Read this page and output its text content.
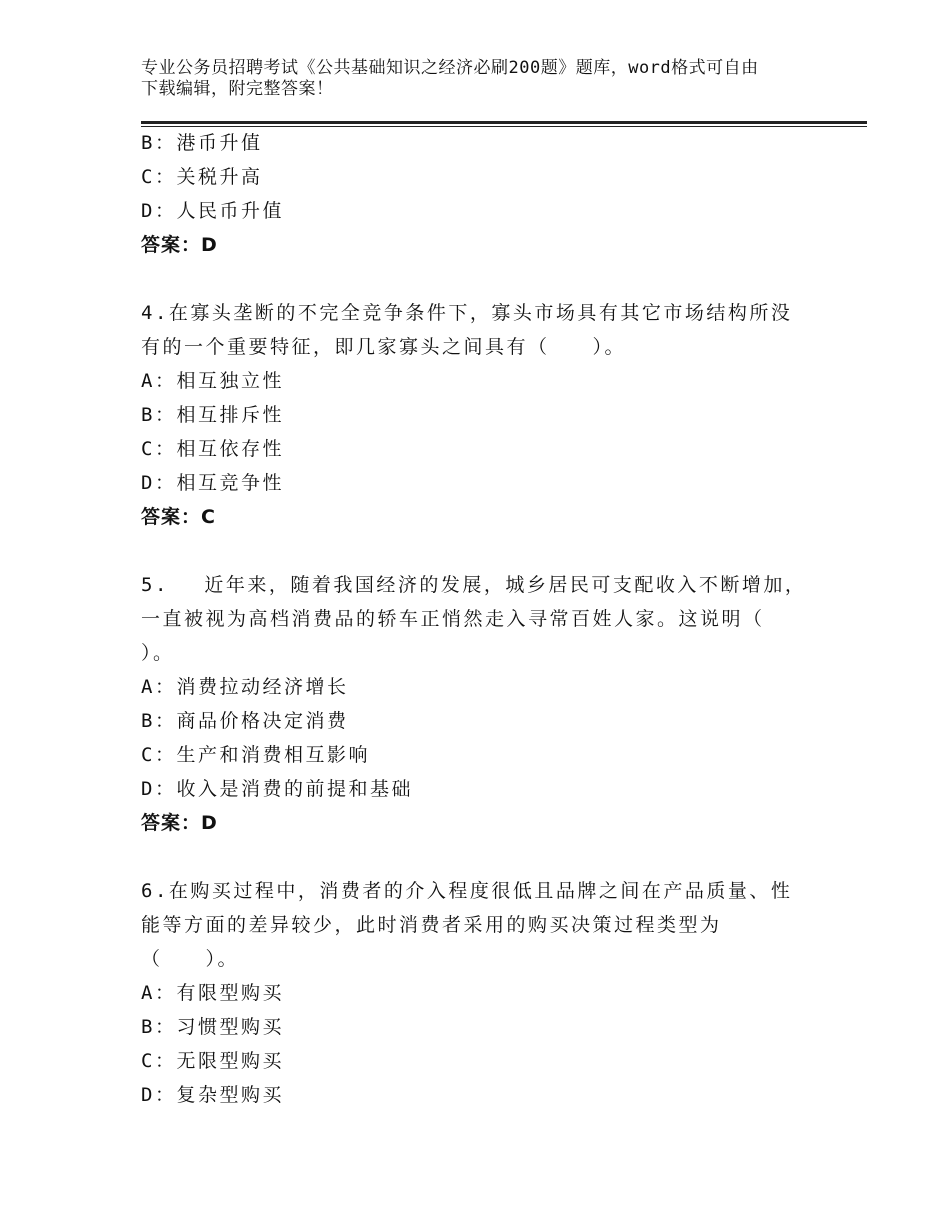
专业公务员招聘考试《公共基础知识之经济必刷200题》题库，word格式可自由
下载编辑，附完整答案！
B：港币升值
C：关税升高
D：人民币升值
答案：D
4.在寡头垄断的不完全竞争条件下，寡头市场具有其它市场结构所没
有的一个重要特征，即几家寡头之间具有（　　）。
A：相互独立性
B：相互排斥性
C：相互依存性
D：相互竞争性
答案：C
5.　 近年来，随着我国经济的发展，城乡居民可支配收入不断增加，
一直被视为高档消费品的轿车正悄然走入寻常百姓人家。这说明（
）。
A：消费拉动经济增长
B：商品价格决定消费
C：生产和消费相互影响
D：收入是消费的前提和基础
答案：D
6.在购买过程中，消费者的介入程度很低且品牌之间在产品质量、性
能等方面的差异较少，此时消费者采用的购买决策过程类型为
（　　）。
A：有限型购买
B：习惯型购买
C：无限型购买
D：复杂型购买
